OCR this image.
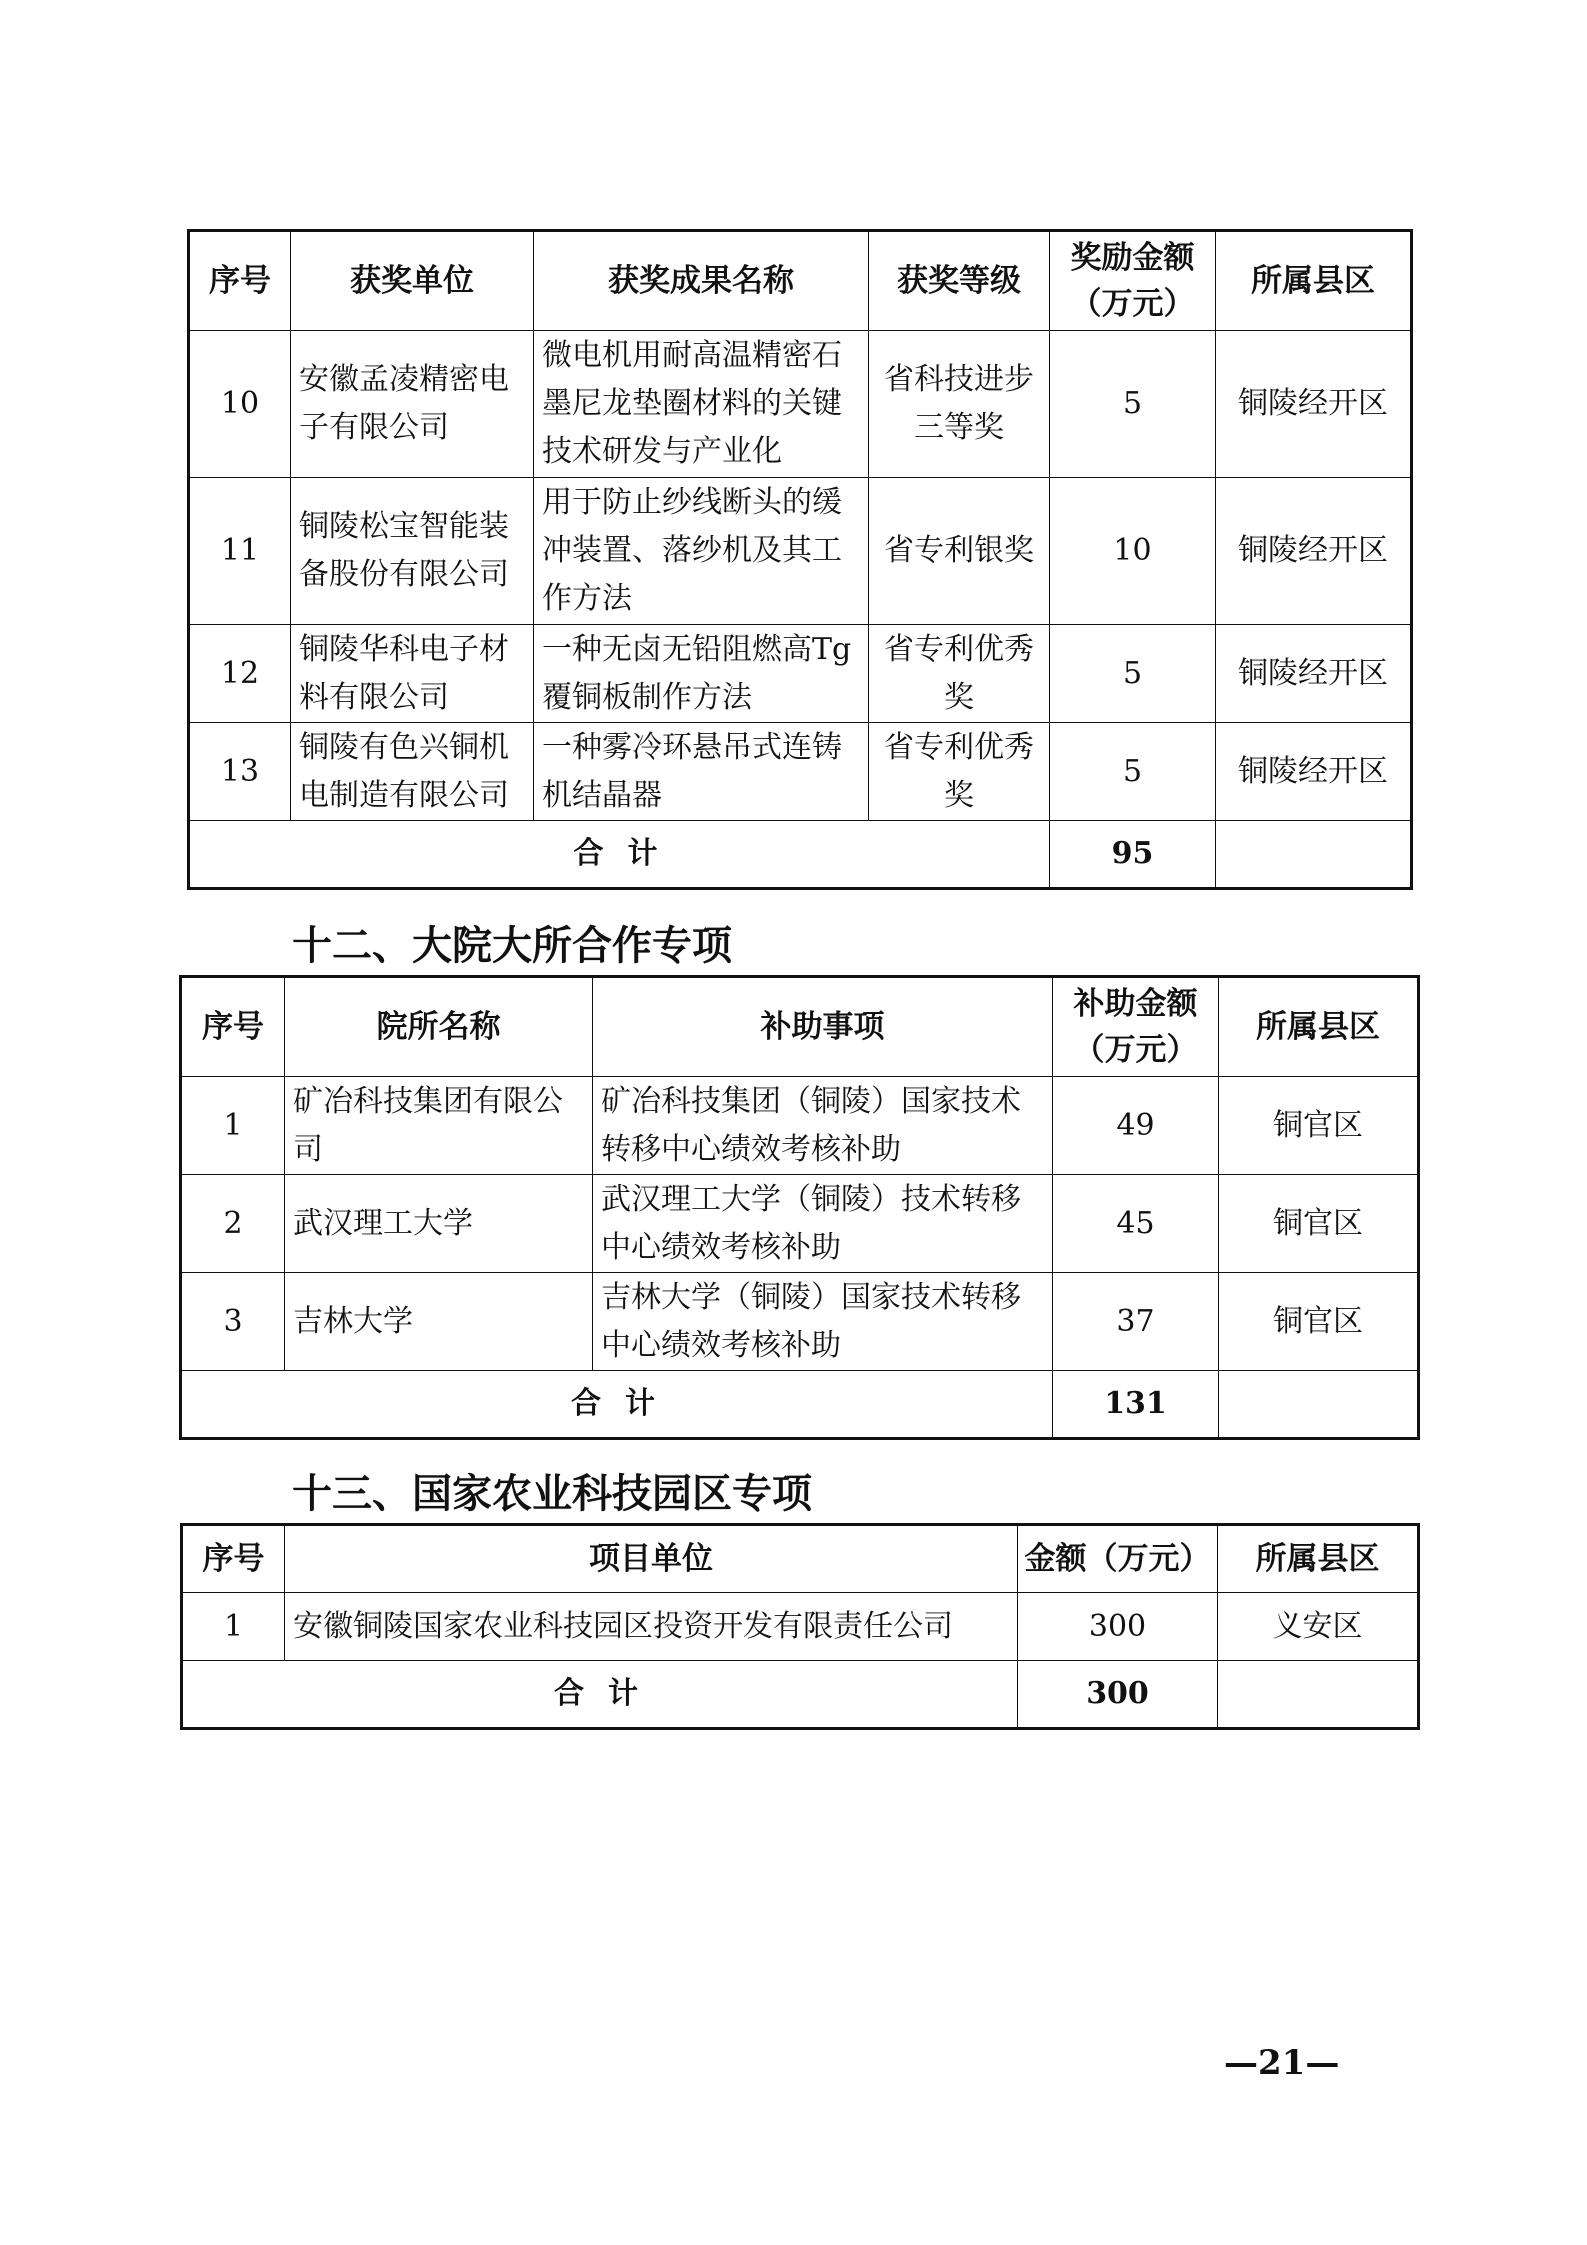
序号	获奖单位	获奖成果名称	获奖等级	奖励金额（万元）	所属县区
10	安徽孟凌精密电子有限公司	微电机用耐高温精密石墨尼龙垫圈材料的关键技术研发与产业化	省科技进步三等奖	5	铜陵经开区
11	铜陵松宝智能装备股份有限公司	用于防止纱线断头的缓冲装置、落纱机及其工作方法	省专利银奖	10	铜陵经开区
12	铜陵华科电子材料有限公司	一种无卤无铅阻燃高Tg 覆铜板制作方法	省专利优秀奖	5	铜陵经开区
13	铜陵有色兴铜机电制造有限公司	一种雾冷环悬吊式连铸机结晶器	省专利优秀奖	5	铜陵经开区
合计				95	
十二、大院大所合作专项
序号	院所名称	补助事项	补助金额（万元）	所属县区
1	矿冶科技集团有限公司	矿冶科技集团（铜陵）国家技术转移中心绩效考核补助	49	铜官区
2	武汉理工大学	武汉理工大学（铜陵）技术转移中心绩效考核补助	45	铜官区
3	吉林大学	吉林大学（铜陵）国家技术转移中心绩效考核补助	37	铜官区
合计			131	
十三、国家农业科技园区专项
序号	项目单位	金额（万元）	所属县区
1	安徽铜陵国家农业科技园区投资开发有限责任公司	300	义安区
合计		300	
—21—
